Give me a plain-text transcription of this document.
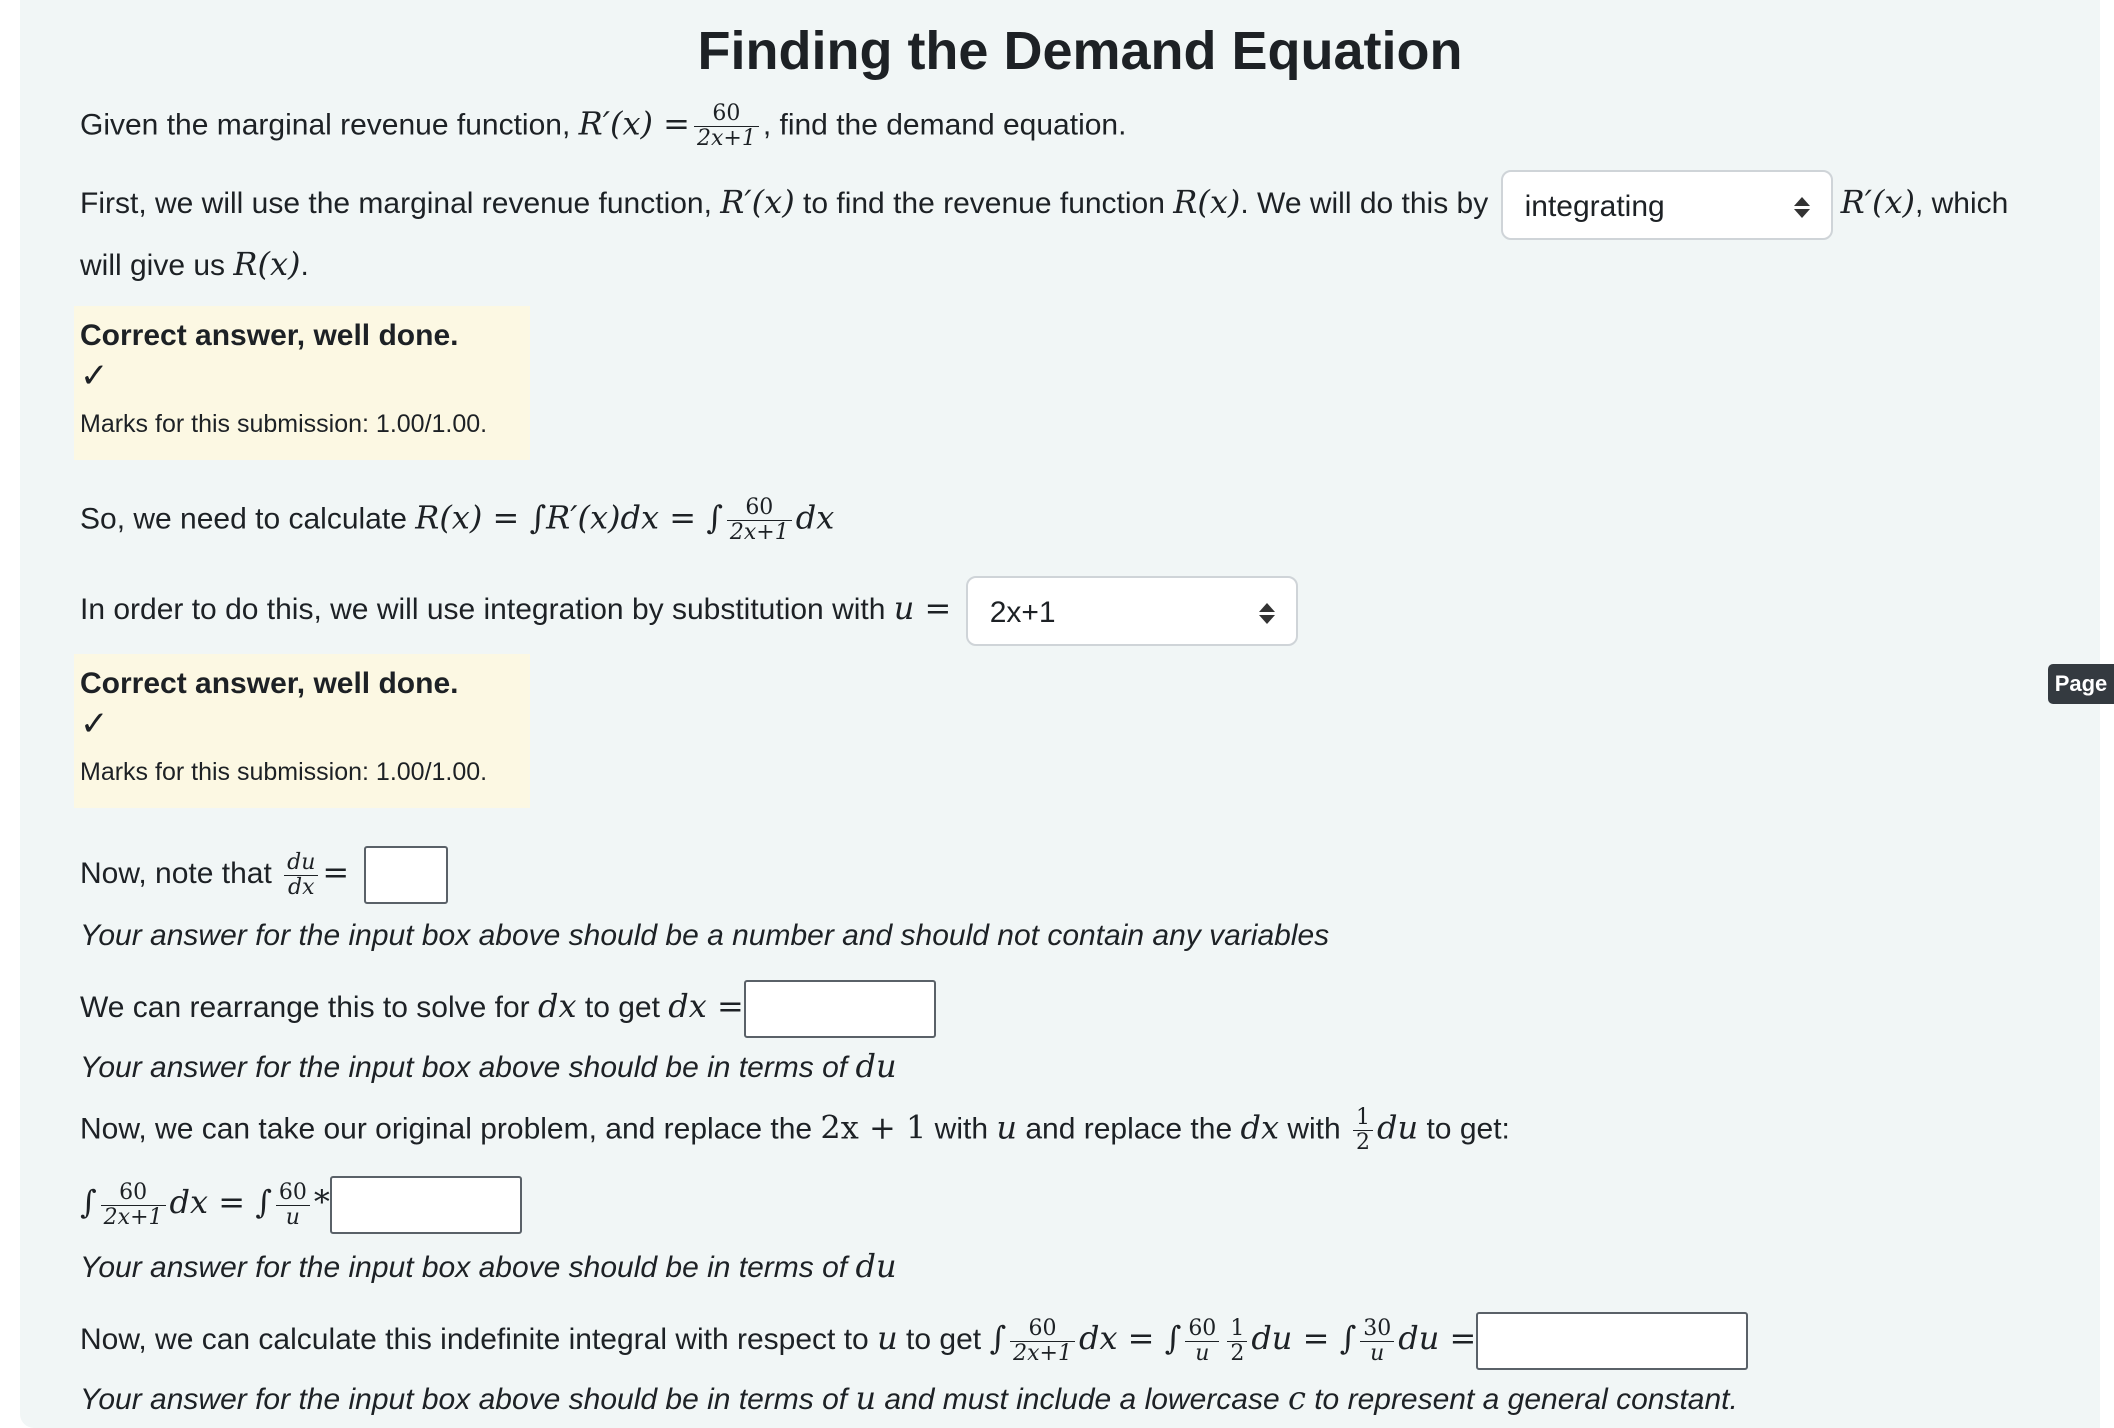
Finding the Demand Equation
Given the marginal revenue function, $R'(x) = \frac{60}{2x+1}$ , find the demand equation.
First, we will use the marginal revenue function, R′(x) to find the revenue function R(x). We will do this by integrating	R′(x), which
will give us R(x).
Correct answer, well done.
✓
Marks for this submission: 1.00/1.00.
So, we need to calculate R(x) = ∫R′(x)dx = ∫ $\frac{60}{2x+1}$ dx
In order to do this, we will use integration by substitution with u = 2x+1
Correct answer, well done.
✓
Marks for this submission: 1.00/1.00.
Now, note that $\frac{du}{dx}$ =
Your answer for the input box above should be a number and should not contain any variables
We can rearrange this to solve for dx to get dx =
Your answer for the input box above should be in terms of du
Now, we can take our original problem, and replace the 2x + 1 with u and replace the dx with $\frac{1}{2}$ du to get:
∫ $\frac{60}{2x+1}$ dx = ∫ $\frac{60}{u}$ *
Your answer for the input box above should be in terms of du
Now, we can calculate this indefinite integral with respect to u to get ∫ $\frac{60}{2x+1}$ dx = ∫ $\frac{60}{u} \frac{1}{2}$ du = ∫ $\frac{30}{u}$ du =
Your answer for the input box above should be in terms of u and must include a lowercase c to represent a general constant.
Page
